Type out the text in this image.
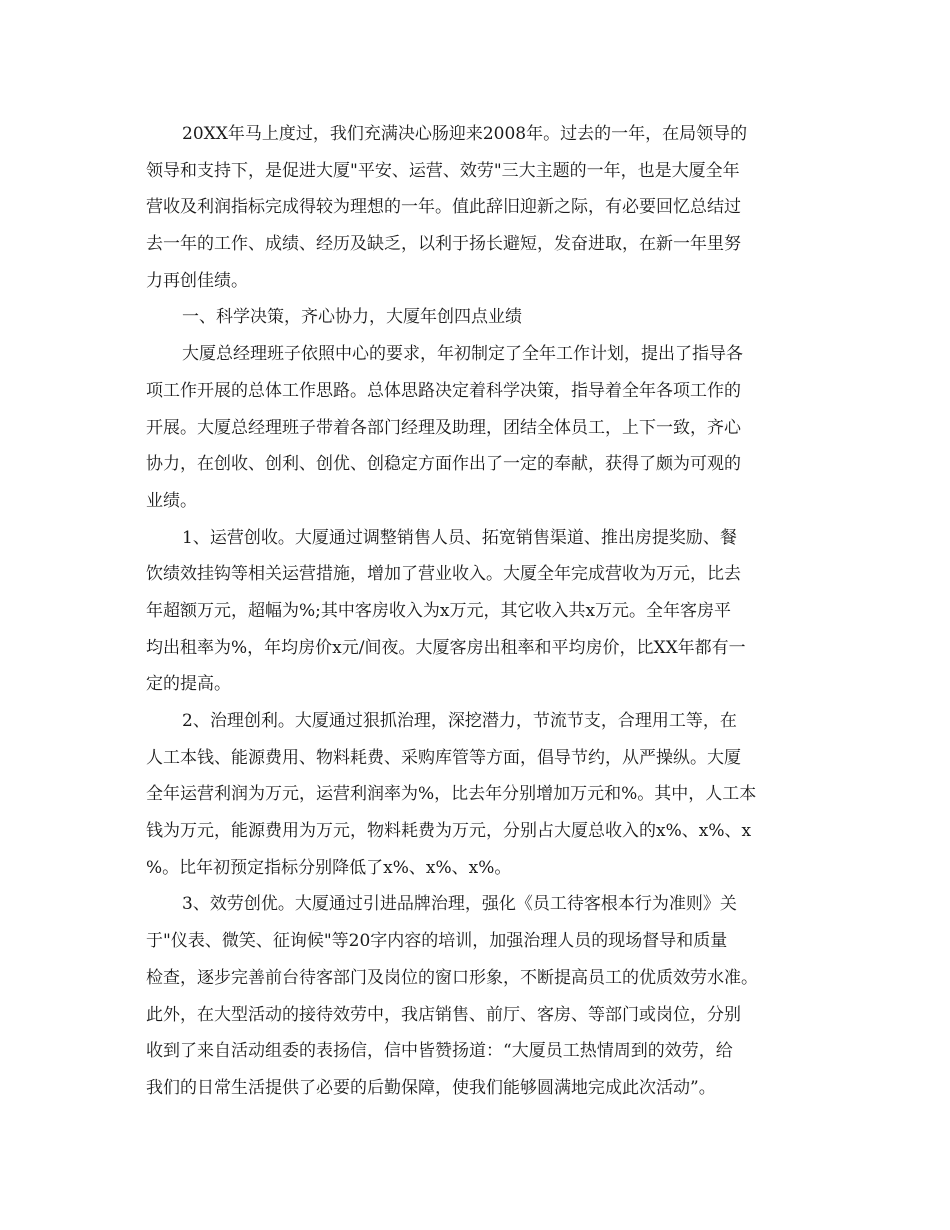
20XX年马上度过，我们充满决心肠迎来2008年。过去的一年，在局领导的
领导和支持下，是促进大厦"平安、运营、效劳"三大主题的一年，也是大厦全年
营收及利润指标完成得较为理想的一年。值此辞旧迎新之际，有必要回忆总结过
去一年的工作、成绩、经历及缺乏，以利于扬长避短，发奋进取，在新一年里努
力再创佳绩。
一、科学决策，齐心协力，大厦年创四点业绩
大厦总经理班子依照中心的要求，年初制定了全年工作计划，提出了指导各
项工作开展的总体工作思路。总体思路决定着科学决策，指导着全年各项工作的
开展。大厦总经理班子带着各部门经理及助理，团结全体员工，上下一致，齐心
协力，在创收、创利、创优、创稳定方面作出了一定的奉献，获得了颇为可观的
业绩。
1、运营创收。大厦通过调整销售人员、拓宽销售渠道、推出房提奖励、餐
饮绩效挂钩等相关运营措施，增加了营业收入。大厦全年完成营收为万元，比去
年超额万元，超幅为%;其中客房收入为x万元，其它收入共x万元。全年客房平
均出租率为%，年均房价x元/间夜。大厦客房出租率和平均房价，比XX年都有一
定的提高。
2、治理创利。大厦通过狠抓治理，深挖潜力，节流节支，合理用工等，在
人工本钱、能源费用、物料耗费、采购库管等方面，倡导节约，从严操纵。大厦
全年运营利润为万元，运营利润率为%，比去年分别增加万元和%。其中，人工本
钱为万元，能源费用为万元，物料耗费为万元，分别占大厦总收入的x%、x%、x
%。比年初预定指标分别降低了x%、x%、x%。
3、效劳创优。大厦通过引进品牌治理，强化《员工待客根本行为准则》关
于"仪表、微笑、征询候"等20字内容的培训，加强治理人员的现场督导和质量
检查，逐步完善前台待客部门及岗位的窗口形象，不断提高员工的优质效劳水准。
此外，在大型活动的接待效劳中，我店销售、前厅、客房、等部门或岗位，分别
收到了来自活动组委的表扬信，信中皆赞扬道：“大厦员工热情周到的效劳，给
我们的日常生活提供了必要的后勤保障，使我们能够圆满地完成此次活动”。
